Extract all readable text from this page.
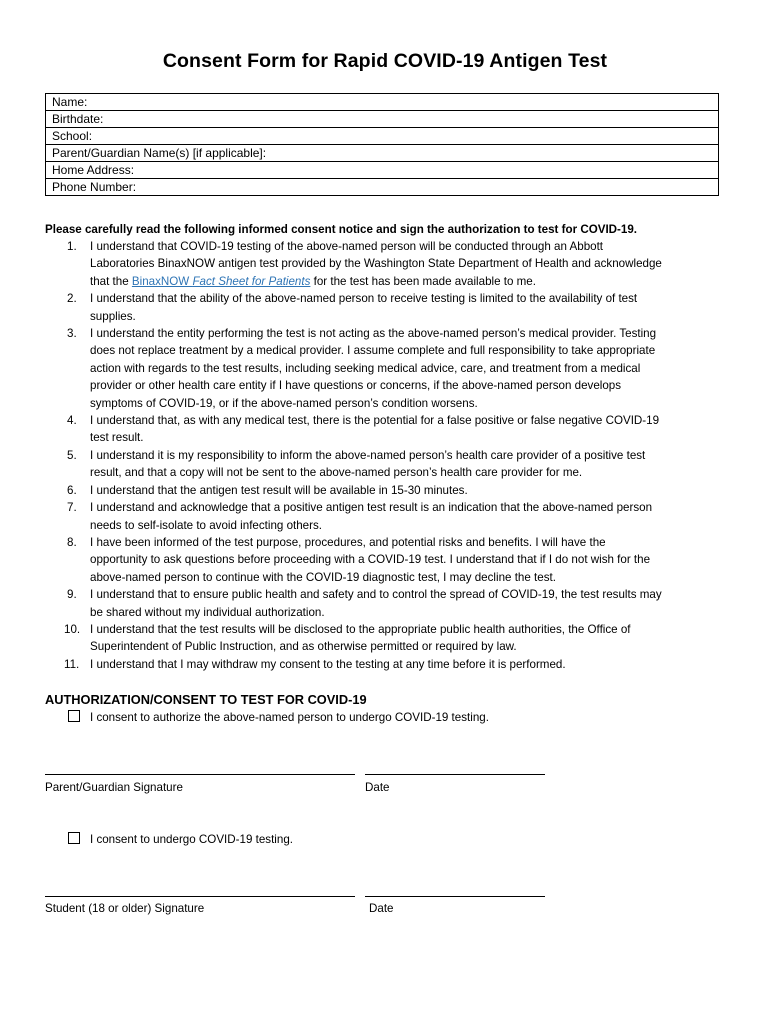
Consent Form for Rapid COVID-19 Antigen Test
Name:
Birthdate:
School:
Parent/Guardian Name(s) [if applicable]:
Home Address:
Phone Number:
Please carefully read the following informed consent notice and sign the authorization to test for COVID-19.
1.	I understand that COVID-19 testing of the above-named person will be conducted through an Abbott
Laboratories BinaxNOW antigen test provided by the Washington State Department of Health and acknowledge
that the BinaxNOW Fact Sheet for Patients for the test has been made available to me.
2.	I understand that the ability of the above-named person to receive testing is limited to the availability of test
supplies.
3.	I understand the entity performing the test is not acting as the above-named person’s medical provider. Testing
does not replace treatment by a medical provider. I assume complete and full responsibility to take appropriate
action with regards to the test results, including seeking medical advice, care, and treatment from a medical
provider or other health care entity if I have questions or concerns, if the above-named person develops
symptoms of COVID-19, or if the above-named person’s condition worsens.
4.	I understand that, as with any medical test, there is the potential for a false positive or false negative COVID-19
test result.
5.	I understand it is my responsibility to inform the above-named person’s health care provider of a positive test
result, and that a copy will not be sent to the above-named person’s health care provider for me.
6.	I understand that the antigen test result will be available in 15-30 minutes.
7.	I understand and acknowledge that a positive antigen test result is an indication that the above-named person
needs to self-isolate to avoid infecting others.
8.	I have been informed of the test purpose, procedures, and potential risks and benefits. I will have the
opportunity to ask questions before proceeding with a COVID-19 test. I understand that if I do not wish for the
above-named person to continue with the COVID-19 diagnostic test, I may decline the test.
9.	I understand that to ensure public health and safety and to control the spread of COVID-19, the test results may
be shared without my individual authorization.
10. I understand that the test results will be disclosed to the appropriate public health authorities, the Office of
Superintendent of Public Instruction, and as otherwise permitted or required by law.
11. I understand that I may withdraw my consent to the testing at any time before it is performed.
AUTHORIZATION/CONSENT TO TEST FOR COVID-19
I consent to authorize the above-named person to undergo COVID-19 testing.
Parent/Guardian Signature	Date
I consent to undergo COVID-19 testing.
Student (18 or older) Signature	Date
